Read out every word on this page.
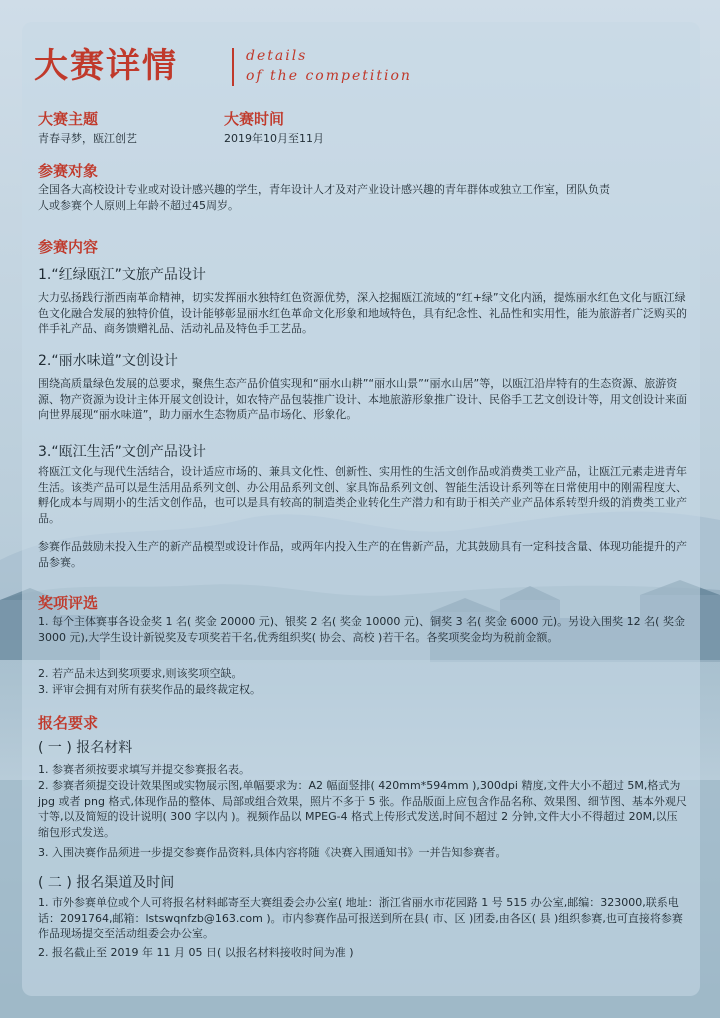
大赛详情	details
of the competition
大赛主题
青春寻梦，瓯江创艺
大赛时间
2019年10月至11月
参赛对象
全国各大高校设计专业或对设计感兴趣的学生，青年设计人才及对产业设计感兴趣的青年群体或独立工作室，团队负责人或参赛个人原则上年龄不超过45周岁。
参赛内容
1.“红绿瓯江”文旅产品设计
大力弘扬践行浙西南革命精神，切实发挥丽水独特红色资源优势，深入挖掘瓯江流域的“红+绿”文化内涵，提炼丽水红色文化与瓯江绿色文化融合发展的独特价值，设计能够彰显丽水红色革命文化形象和地域特色，具有纪念性、礼品性和实用性，能为旅游者广泛购买的伴手礼产品、商务馈赠礼品、活动礼品及特色手工艺品。
2.“丽水味道”文创设计
围绕高质量绿色发展的总要求，聚焦生态产品价值实现和“丽水山耕”“丽水山景”“丽水山居”等，以瓯江沿岸特有的生态资源、旅游资源、物产资源为设计主体开展文创设计，如农特产品包装推广设计、本地旅游形象推广设计、民俗手工艺文创设计等，用文创设计来面向世界展现“丽水味道”，助力丽水生态物质产品市场化、形象化。
3.“瓯江生活”文创产品设计
将瓯江文化与现代生活结合，设计适应市场的、兼具文化性、创新性、实用性的生活文创作品或消费类工业产品，让瓯江元素走进青年生活。该类产品可以是生活用品系列文创、办公用品系列文创、家具饰品系列文创、智能生活设计系列等在日常使用中的刚需程度大、孵化成本与周期小的生活文创作品，也可以是具有较高的制造类企业转化生产潜力和有助于相关产业产品体系转型升级的消费类工业产品。
参赛作品鼓励未投入生产的新产品模型或设计作品，或两年内投入生产的在售新产品，尤其鼓励具有一定科技含量、体现功能提升的产品参赛。
奖项评选
1. 每个主体赛事各设金奖 1 名( 奖金 20000 元)、银奖 2 名( 奖金 10000 元)、铜奖 3 名( 奖金 6000 元)。另设入围奖 12 名( 奖金 3000 元),大学生设计新锐奖及专项奖若干名,优秀组织奖( 协会、高校 )若干名。各奖项奖金均为税前金额。
2. 若产品未达到奖项要求,则该奖项空缺。
3. 评审会拥有对所有获奖作品的最终裁定权。
报名要求
( 一 ) 报名材料
1. 参赛者须按要求填写并提交参赛报名表。
2. 参赛者须提交设计效果图或实物展示图,单幅要求为：A2 幅面竖排( 420mm*594mm ),300dpi 精度,文件大小不超过 5M,格式为 jpg 或者 png 格式,体现作品的整体、局部或组合效果，照片不多于 5 张。作品版面上应包含作品名称、效果图、细节图、基本外观尺寸等,以及简短的设计说明( 300 字以内 )。视频作品以 MPEG-4 格式上传形式发送,时间不超过 2 分钟,文件大小不得超过 20M,以压缩包形式发送。
3. 入围决赛作品须进一步提交参赛作品资料,具体内容将随《决赛入围通知书》一并告知参赛者。
( 二 ) 报名渠道及时间
1. 市外参赛单位或个人可将报名材料邮寄至大赛组委会办公室( 地址：浙江省丽水市花园路 1 号 515 办公室,邮编：323000,联系电话：2091764,邮箱：lstswqnfzb@163.com )。市内参赛作品可报送到所在县( 市、区 )团委,由各区( 县 )组织参赛,也可直接将参赛作品现场提交至活动组委会办公室。
2. 报名截止至 2019 年 11 月 05 日( 以报名材料接收时间为准 )
